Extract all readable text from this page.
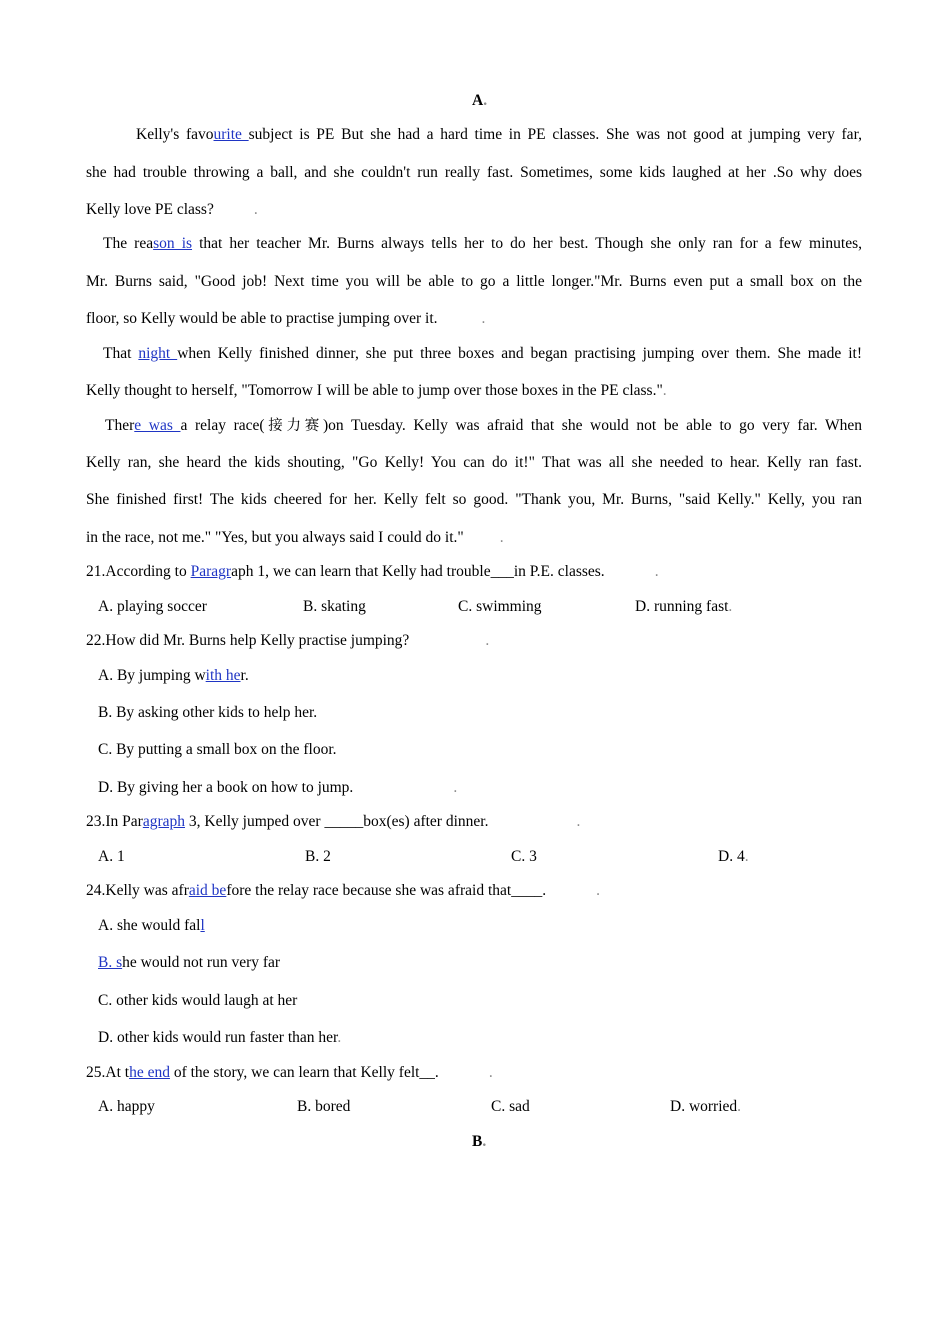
A.
Kelly's favourite subject is PE But she had a hard time in PE classes. She was not good at jumping very far,
she had trouble throwing a ball, and she couldn't run really fast. Sometimes, some kids laughed at her .So why does
Kelly love PE class?	.
The reason is that her teacher Mr. Burns always tells her to do her best. Though she only ran for a few minutes,
Mr. Burns said, "Good job! Next time you will be able to go a little longer."Mr. Burns even put a small box on the
floor, so Kelly would be able to practise jumping over it.	.
That night when Kelly finished dinner, she put three boxes and began practising jumping over them. She made it!
Kelly thought to herself, "Tomorrow I will be able to jump over those boxes in the PE class.".
There was a relay race(接力赛)on Tuesday. Kelly was afraid that she would not be able to go very far. When
Kelly ran, she heard the kids shouting, "Go Kelly! You can do it!" That was all she needed to hear. Kelly ran fast.
She finished first! The kids cheered for her. Kelly felt so good. "Thank you, Mr. Burns, "said Kelly." Kelly, you ran
in the race, not me." "Yes, but you always said I could do it." .
21.According to Paragraph 1, we can learn that Kelly had trouble___in P.E. classes.	.
A. playing soccer	B. skating	C. swimming	D. running fast.
22.How did Mr. Burns help Kelly practise jumping?	.
A. By jumping with her.
B. By asking other kids to help her.
C. By putting a small box on the floor.
D. By giving her a book on how to jump.	.
23.In Paragraph 3, Kelly jumped over _____box(es) after dinner.	.
A. 1	B. 2	C. 3	D. 4.
24.Kelly was afraid before the relay race because she was afraid that____.	.
A. she would fall
B. she would not run very far
C. other kids would laugh at her
D. other kids would run faster than her.
25.At the end of the story, we can learn that Kelly felt__.	.
A. happy	B. bored	C. sad	D. worried.
B.
